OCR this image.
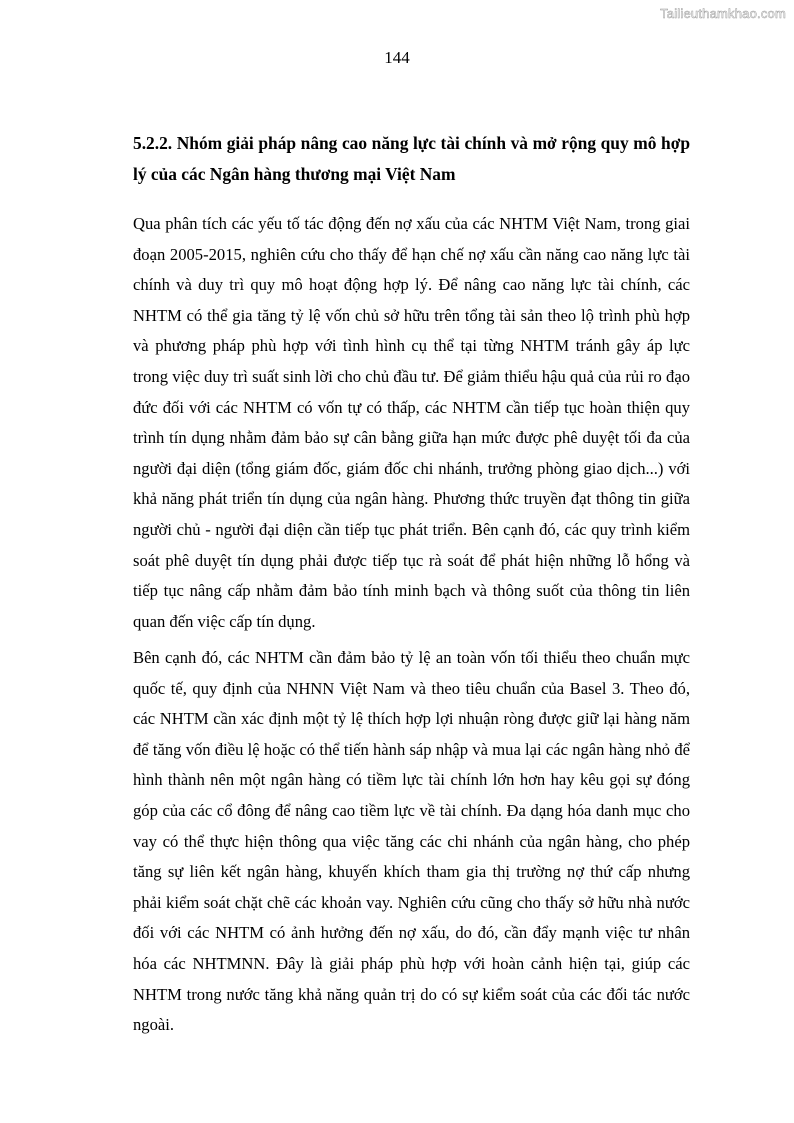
Tailieuthamkhao.com
144
5.2.2. Nhóm giải pháp nâng cao năng lực tài chính và mở rộng quy mô hợp lý của các Ngân hàng thương mại Việt Nam

Qua phân tích các yếu tố tác động đến nợ xấu của các NHTM Việt Nam, trong giai đoạn 2005-2015, nghiên cứu cho thấy để hạn chế nợ xấu cần năng cao năng lực tài chính và duy trì quy mô hoạt động hợp lý. Để nâng cao năng lực tài chính, các NHTM có thể gia tăng tỷ lệ vốn chủ sở hữu trên tổng tài sản theo lộ trình phù hợp và phương pháp phù hợp với tình hình cụ thể tại từng NHTM tránh gây áp lực trong việc duy trì suất sinh lời cho chủ đầu tư. Để giảm thiểu hậu quả của rủi ro đạo đức đối với các NHTM có vốn tự có thấp, các NHTM cần tiếp tục hoàn thiện quy trình tín dụng nhằm đảm bảo sự cân bằng giữa hạn mức được phê duyệt tối đa của người đại diện (tổng giám đốc, giám đốc chi nhánh, trưởng phòng giao dịch...) với khả năng phát triển tín dụng của ngân hàng. Phương thức truyền đạt thông tin giữa người chủ - người đại diện cần tiếp tục phát triển. Bên cạnh đó, các quy trình kiểm soát phê duyệt tín dụng phải được tiếp tục rà soát để phát hiện những lỗ hổng và tiếp tục nâng cấp nhằm đảm bảo tính minh bạch và thông suốt của thông tin liên quan đến việc cấp tín dụng.

Bên cạnh đó, các NHTM cần đảm bảo tỷ lệ an toàn vốn tối thiểu theo chuẩn mực quốc tế, quy định của NHNN Việt Nam và theo tiêu chuẩn của Basel 3. Theo đó, các NHTM cần xác định một tỷ lệ thích hợp lợi nhuận ròng được giữ lại hàng năm để tăng vốn điều lệ hoặc có thể tiến hành sáp nhập và mua lại các ngân hàng nhỏ để hình thành nên một ngân hàng có tiềm lực tài chính lớn hơn hay kêu gọi sự đóng góp của các cổ đông để nâng cao tiềm lực về tài chính. Đa dạng hóa danh mục cho vay có thể thực hiện thông qua việc tăng các chi nhánh của ngân hàng, cho phép tăng sự liên kết ngân hàng, khuyến khích tham gia thị trường nợ thứ cấp nhưng phải kiểm soát chặt chẽ các khoản vay. Nghiên cứu cũng cho thấy sở hữu nhà nước đối với các NHTM có ảnh hưởng đến nợ xấu, do đó, cần đẩy mạnh việc tư nhân hóa các NHTMNN. Đây là giải pháp phù hợp với hoàn cảnh hiện tại, giúp các NHTM trong nước tăng khả năng quản trị do có sự kiểm soát của các đối tác nước ngoài.
